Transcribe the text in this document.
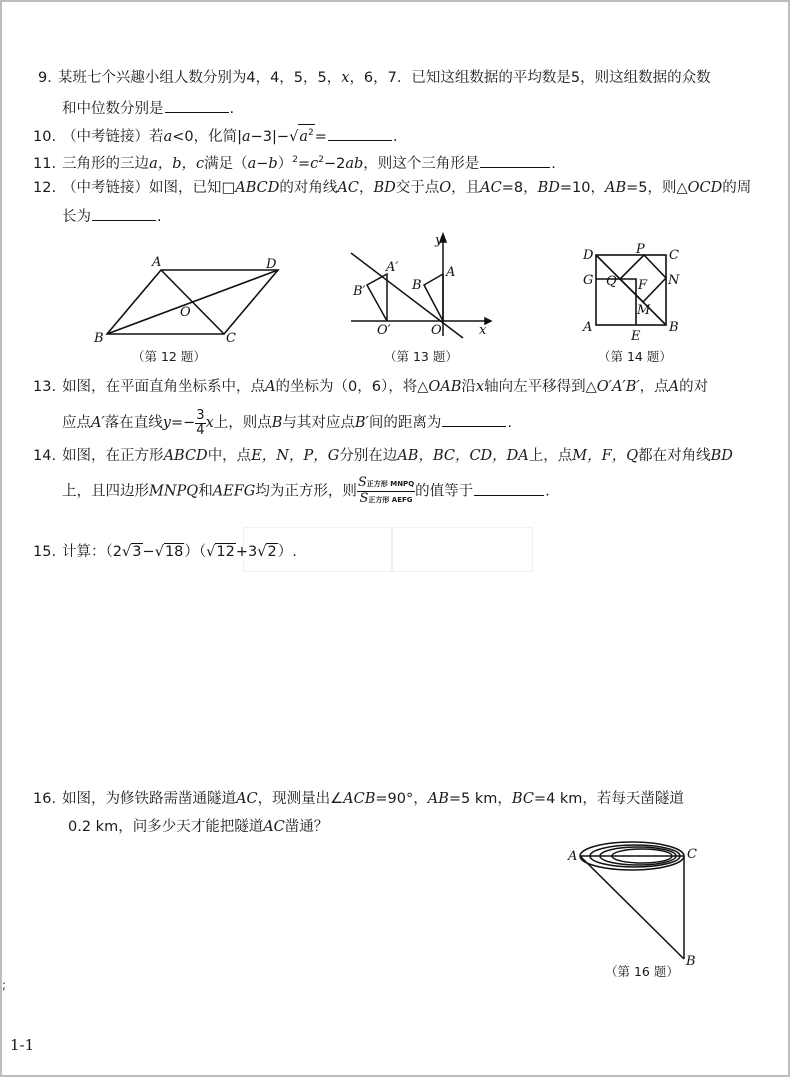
9. 某班七个兴趣小组人数分别为4，4，5，5，x，6，7．已知这组数据的平均数是5，则这组数据的众数
和中位数分别是	.
10. （中考链接）若a<0，化简$|a-3|-√a^2=$	.
11. 三角形的三边a，b，c满足$(a-b)^2=c^2-2ab$，则这个三角形是	.
12. （中考链接）如图，已知□ABCD的对角线AC，BD交于点O，且AC=8，BD=10，AB=5，则△OCD的周
长为	.
A	D
B	C
O
（第 12 题）
y
x
A
B
O
A′
B′
O′
（第 13 题）
D	P C
N
G Q F
M
A
E
B
（第 14 题）
13. 如图，在平面直角坐标系中，点A的坐标为（0，6），将△OAB沿x轴向左平移得到△O′A′B′，点A的对
应点A′落在直线$y=- \frac{3}{4}$ x上，则点B与其对应点B′间的距离为	.
14. 如图，在正方形ABCD中，点E，N，P，G分别在边AB，BC，CD，DA上，点M，F，Q都在对角线BD
上，且四边形MNPQ和AEFG均为正方形，则 $\frac{\text{S正方形 MNPQ}}{\text{S正方形 AEFG}}$ 的值等于	.

15. 计算：（2√3−√18）（√12+3√2）.
16. 如图，为修铁路需凿通隧道AC，现测量出∠ACB=90°，AB=5 km，BC=4 km，若每天凿隧道
0.2 km，问多少天才能把隧道AC凿通？
A	C
B
（第 16 题）
;
1-1
